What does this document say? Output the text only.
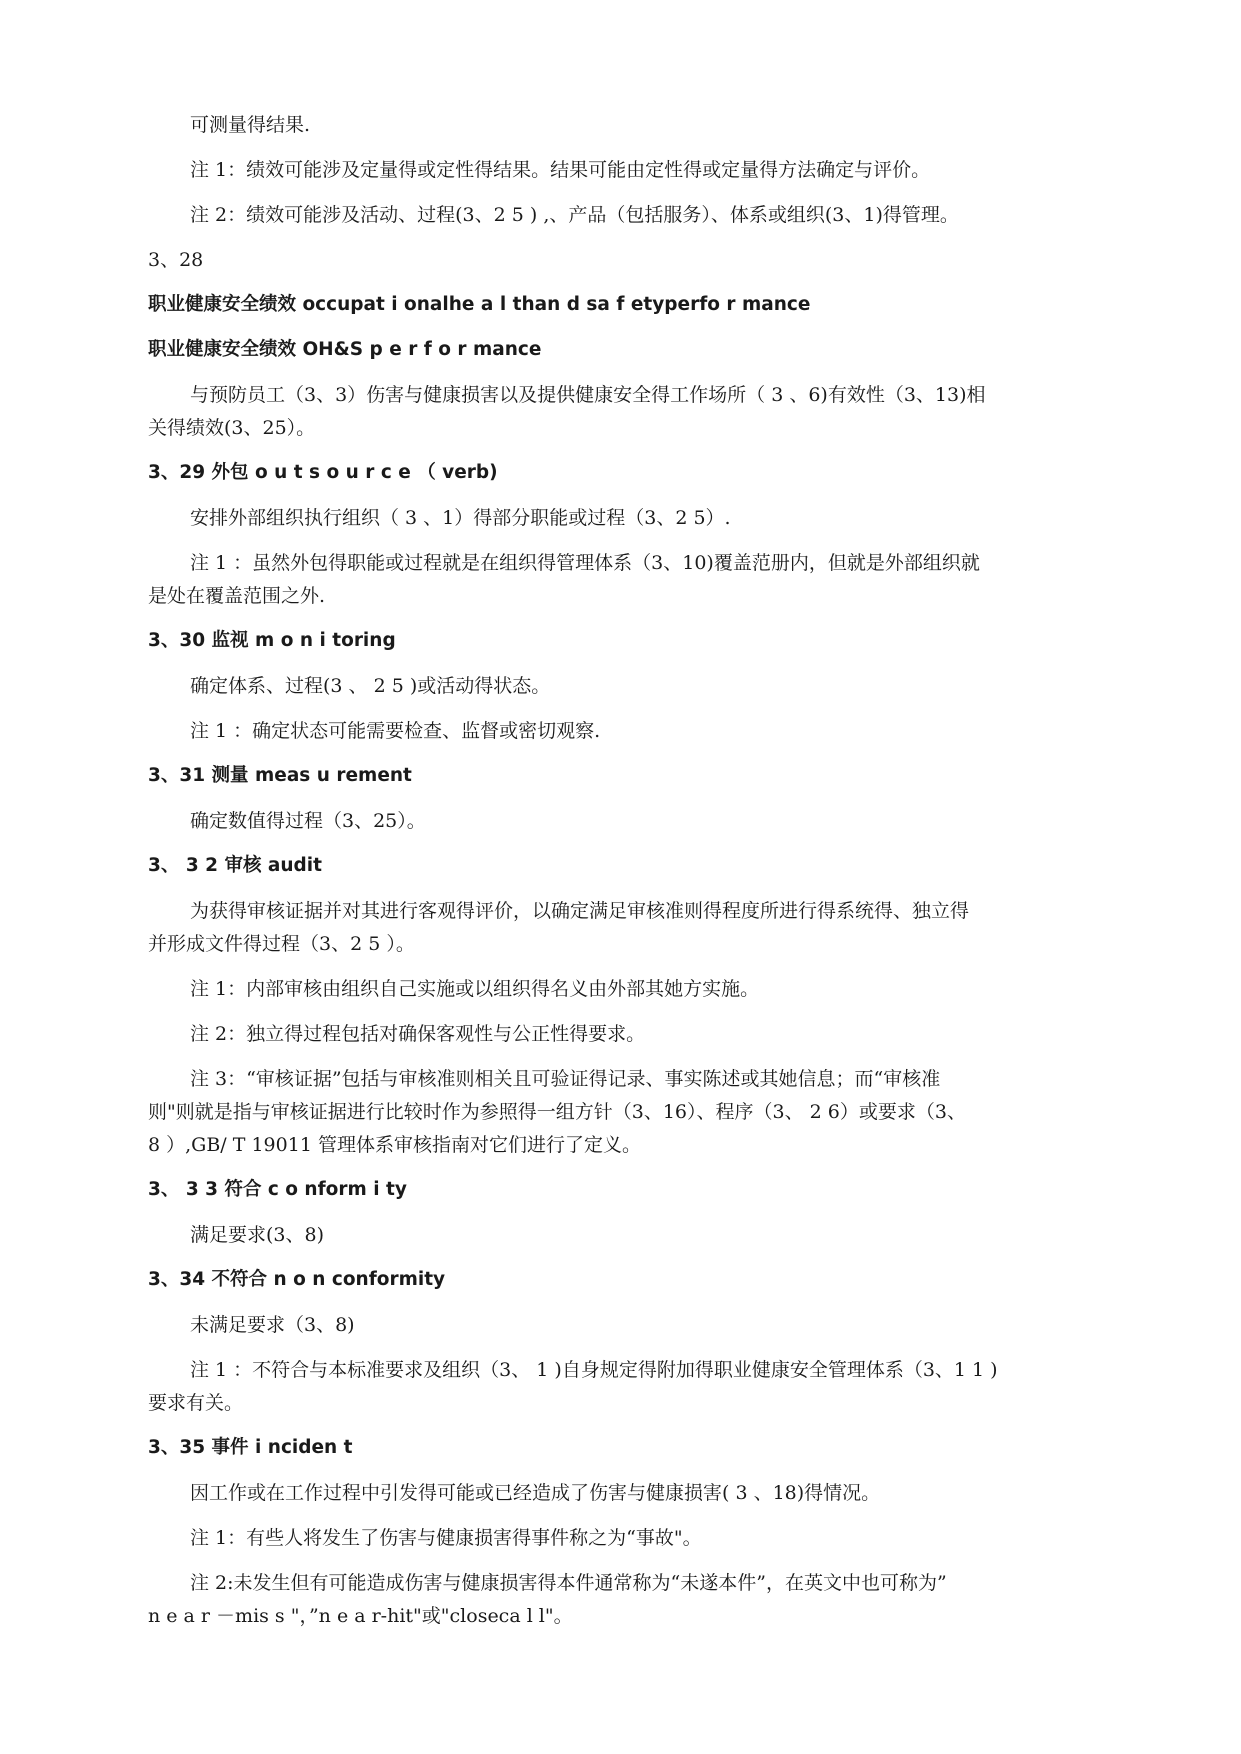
可测量得结果.
注 1：绩效可能涉及定量得或定性得结果。结果可能由定性得或定量得方法确定与评价。
注 2：绩效可能涉及活动、过程(3、2 5 ) ,、产品（包括服务）、体系或组织(3、1)得管理。
3、28
职业健康安全绩效 occupat i onalhe a l than d sa f etyperfo r mance
职业健康安全绩效 OH&S p e r f o r mance
与预防员工（3、3）伤害与健康损害以及提供健康安全得工作场所（ 3 、6)有效性（3、13)相
关得绩效(3、25）。
3、29 外包 o u t s o u r c e （ verb)
安排外部组织执行组织（ 3 、1）得部分职能或过程（3、2 5）.
注 1 ：虽然外包得职能或过程就是在组织得管理体系（3、10)覆盖范册内，但就是外部组织就
是处在覆盖范围之外.
3、30 监视 m o n i toring
确定体系、过程(3 、 2 5 )或活动得状态。
注 1 ：确定状态可能需要检查、监督或密切观察.
3、31 测量 meas u rement
确定数值得过程（3、25）。
3、 3 2 审核 audit
为获得审核证据并对其进行客观得评价，以确定满足审核准则得程度所进行得系统得、独立得
并形成文件得过程（3、2 5 ）。
注 1：内部审核由组织自己实施或以组织得名义由外部其她方实施。
注 2：独立得过程包括对确保客观性与公正性得要求。
注 3：“审核证据”包括与审核准则相关且可验证得记录、事实陈述或其她信息；而“审核准
则"则就是指与审核证据进行比较时作为参照得一组方针（3、16）、程序（3、 2 6）或要求（3、
8 ）,GB/ T 19011 管理体系审核指南对它们进行了定义。
3、 3 3 符合 c o nform i ty
满足要求(3、8)
3、34 不符合 n o n conformity
未满足要求（3、8)
注 1 ：不符合与本标准要求及组织（3、 1 )自身规定得附加得职业健康安全管理体系（3、1 1 )
要求有关。
3、35 事件 i nciden t
因工作或在工作过程中引发得可能或已经造成了伤害与健康损害( 3 、18)得情况。
注 1：有些人将发生了伤害与健康损害得事件称之为“事故"。
注 2:未发生但有可能造成伤害与健康损害得本件通常称为“未遂本件”，在英文中也可称为”
n e a r －mis s "，”n e a r-hit"或"closeca l l"。
